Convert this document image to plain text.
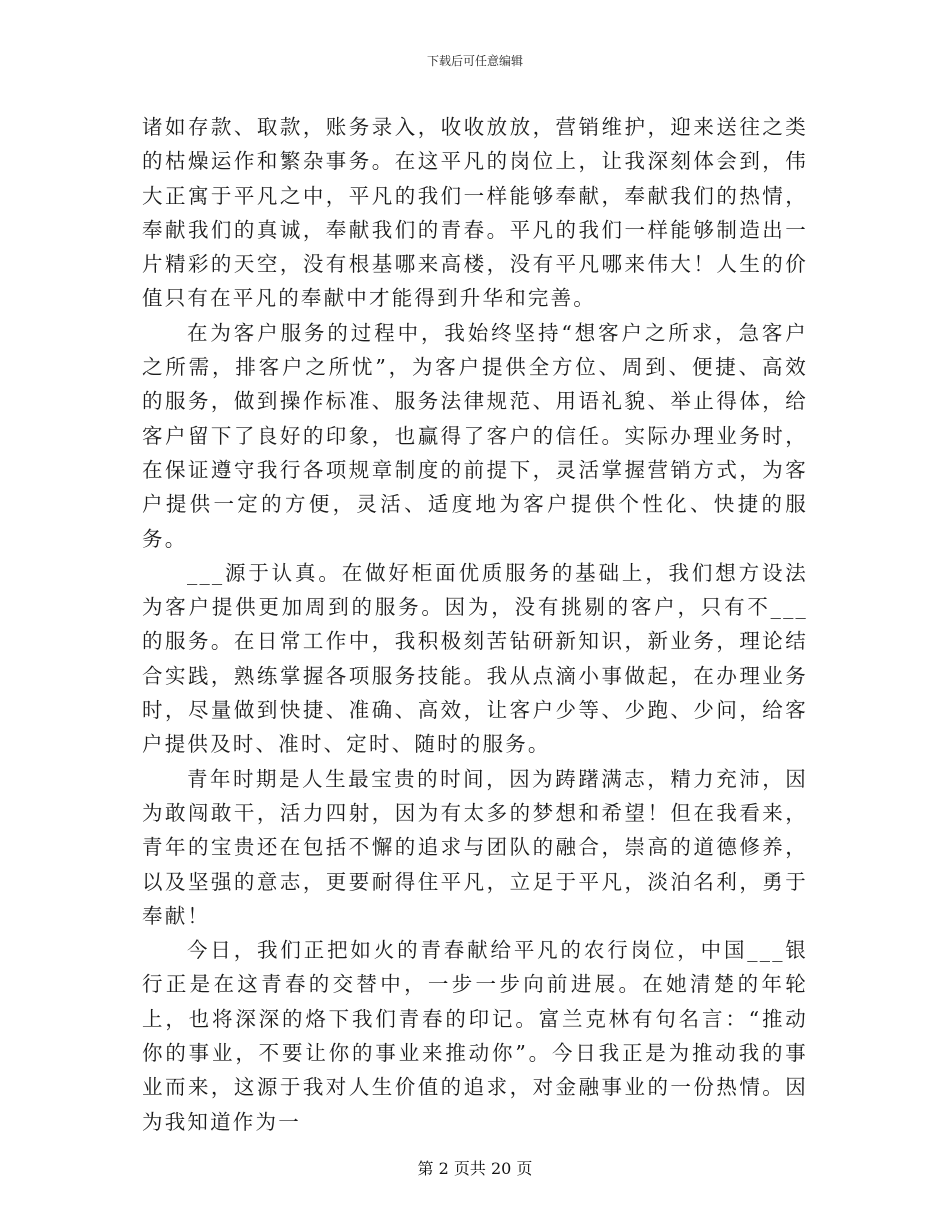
下载后可任意编辑

诸如存款、取款，账务录入，收收放放，营销维护，迎来送往之类的枯燥运作和繁杂事务。在这平凡的岗位上，让我深刻体会到，伟大正寓于平凡之中，平凡的我们一样能够奉献，奉献我们的热情，奉献我们的真诚，奉献我们的青春。平凡的我们一样能够制造出一片精彩的天空，没有根基哪来高楼，没有平凡哪来伟大！人生的价值只有在平凡的奉献中才能得到升华和完善。

在为客户服务的过程中，我始终坚持“想客户之所求，急客户之所需，排客户之所忧”，为客户提供全方位、周到、便捷、高效的服务，做到操作标准、服务法律规范、用语礼貌、举止得体，给客户留下了良好的印象，也赢得了客户的信任。实际办理业务时，在保证遵守我行各项规章制度的前提下，灵活掌握营销方式，为客户提供一定的方便，灵活、适度地为客户提供个性化、快捷的服务。

___源于认真。在做好柜面优质服务的基础上，我们想方设法为客户提供更加周到的服务。因为，没有挑剔的客户，只有不___的服务。在日常工作中，我积极刻苦钻研新知识，新业务，理论结合实践，熟练掌握各项服务技能。我从点滴小事做起，在办理业务时，尽量做到快捷、准确、高效，让客户少等、少跑、少问，给客户提供及时、准时、定时、随时的服务。

青年时期是人生最宝贵的时间，因为踌躇满志，精力充沛，因为敢闯敢干，活力四射，因为有太多的梦想和希望！但在我看来，青年的宝贵还在包括不懈的追求与团队的融合，崇高的道德修养，以及坚强的意志，更要耐得住平凡，立足于平凡，淡泊名利，勇于奉献！

今日，我们正把如火的青春献给平凡的农行岗位，中国___银行正是在这青春的交替中，一步一步向前进展。在她清楚的年轮上，也将深深的烙下我们青春的印记。富兰克林有句名言：“推动你的事业，不要让你的事业来推动你”。今日我正是为推动我的事业而来，这源于我对人生价值的追求，对金融事业的一份热情。因为我知道作为一

第 2 页共 20 页
